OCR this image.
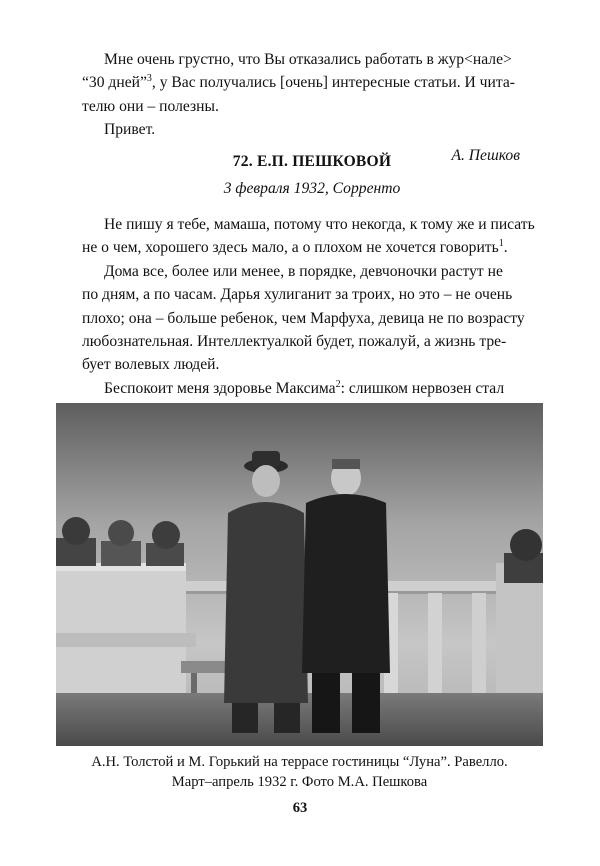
Мне очень грустно, что Вы отказались работать в жур<нале>

“30 дней”$^3$, у Вас получались [очень] интересные статьи. И чита-

телю они – полезны.

Привет.

А. Пешков

72. Е.П. ПЕШКОВОЙ

3 февраля 1932, Сорренто

Не пишу я тебе, мамаша, потому что некогда, к тому же и писать

не о чем, хорошего здесь мало, а о плохом не хочется говорить$^1$.

Дома все, более или менее, в порядке, девчоночки растут не

по дням, а по часам. Дарья хулиганит за троих, но это – не очень

плохо; она – больше ребенок, чем Марфуха, девица не по возрасту

любознательная. Интеллектуалкой будет, пожалуй, а жизнь тре-

бует волевых людей.

Беспокоит меня здоровье Максима$^2$: слишком нервозен стал

А.Н. Толстой и М. Горький на террасе гостиницы “Луна”. Равелло.
Март–апрель 1932 г. Фото М.А. Пешкова
63
